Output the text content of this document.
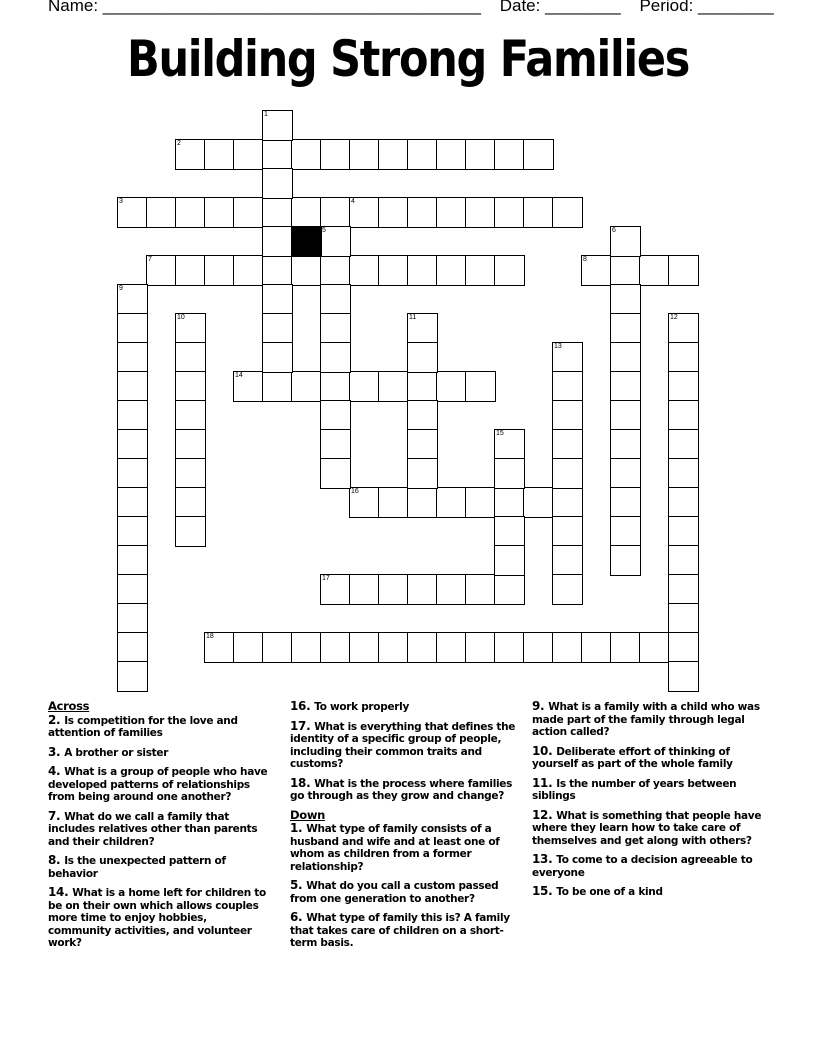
Name: ________________________________________ Date: ________ Period: ________
Building Strong Families
2
3	4
7	8
14
16
17
18
1
5	6
9
10	12
13
11
15
Across
2. Is competition for the love and attention of families
3. A brother or sister
4. What is a group of people who have developed patterns of relationships from being around one another?
7. What do we call a family that includes relatives other than parents and their children?
8. Is the unexpected pattern of behavior
14. What is a home left for children to be on their own which allows couples more time to enjoy hobbies, community activities, and volunteer work?
16. To work properly
17. What is everything that defines the identity of a specific group of people, including their common traits and customs?
18. What is the process where families go through as they grow and change?
Down
1. What type of family consists of a husband and wife and at least one of whom as children from a former relationship?
5. What do you call a custom passed from one generation to another?
6. What type of family this is? A family that takes care of children on a short-term basis.
9. What is a family with a child who was made part of the family through legal action called?
10. Deliberate effort of thinking of yourself as part of the whole family
11. Is the number of years between siblings
12. What is something that people have where they learn how to take care of themselves and get along with others?
13. To come to a decision agreeable to everyone
15. To be one of a kind
